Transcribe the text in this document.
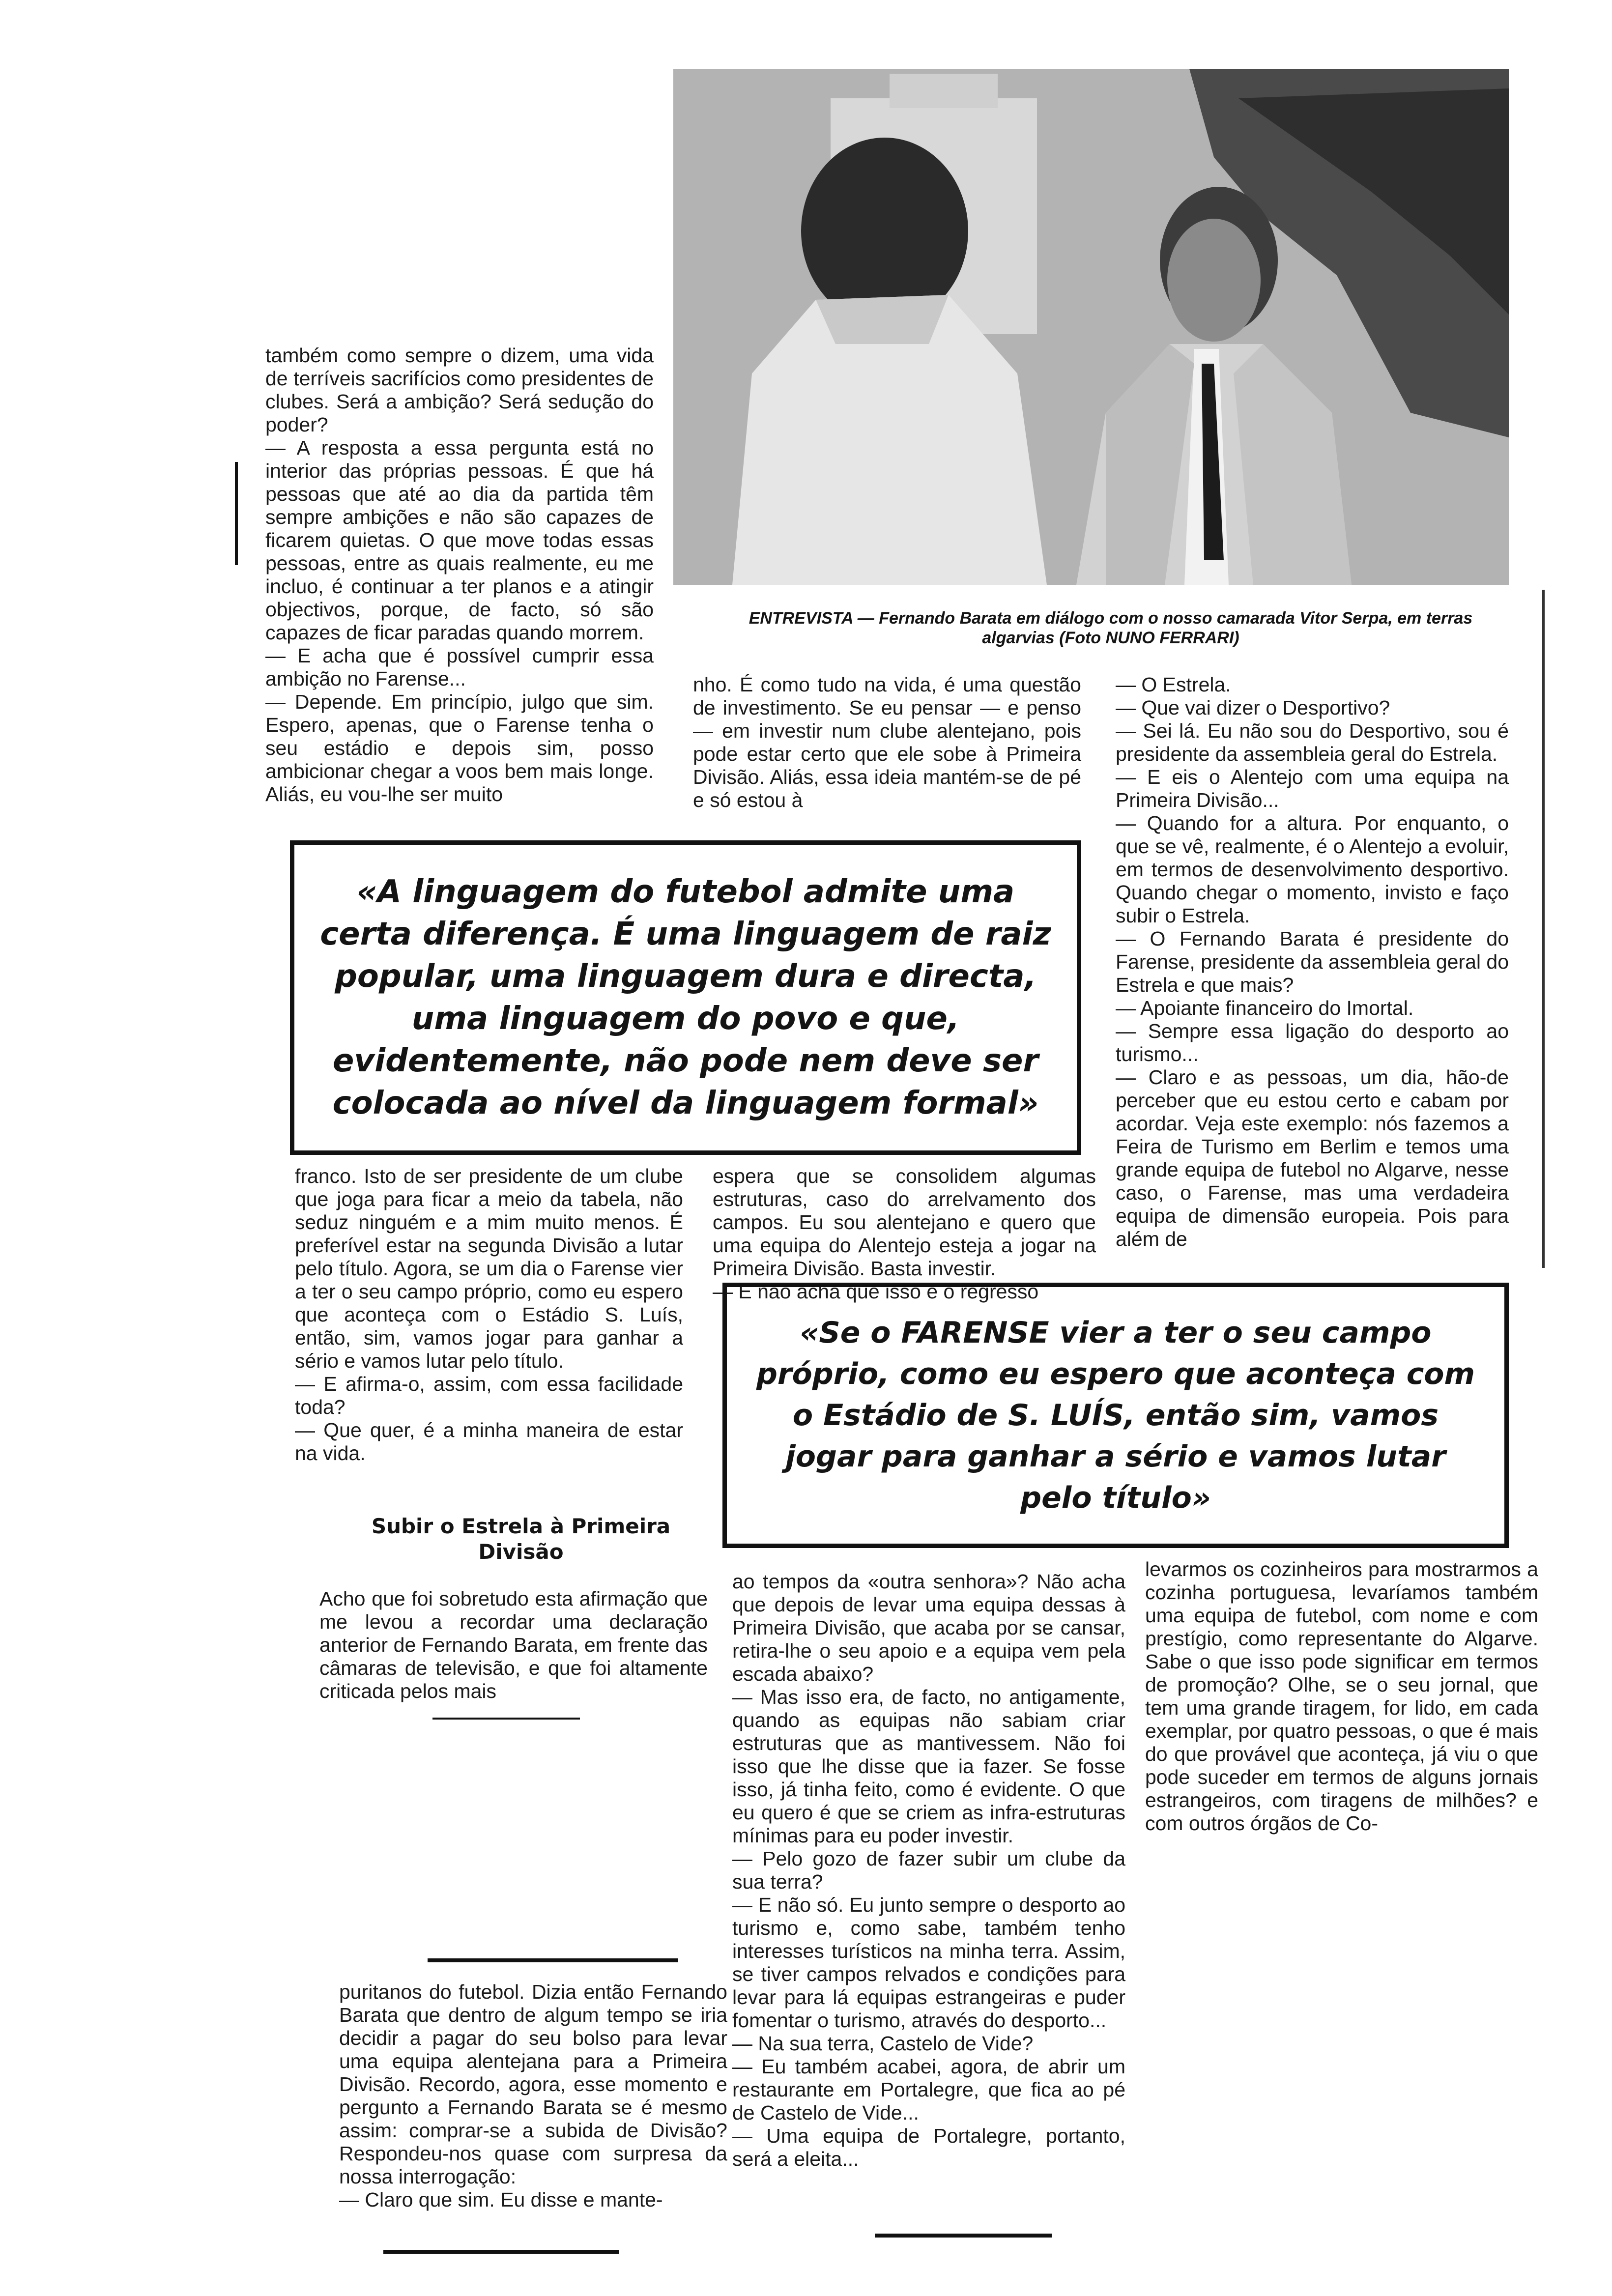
ENTREVISTA — Fernando Barata em diálogo com o nosso camarada Vitor Serpa, em terras algarvias (Foto NUNO FERRARI)

também como sempre o dizem, uma vida de terríveis sacrifícios como presidentes de clubes. Será a ambição? Será sedução do poder?

— A resposta a essa pergunta está no interior das próprias pessoas. É que há pessoas que até ao dia da partida têm sempre ambições e não são capazes de ficarem quietas. O que move todas essas pessoas, entre as quais realmente, eu me incluo, é continuar a ter planos e a atingir objectivos, porque, de facto, só são capazes de ficar paradas quando morrem.

— E acha que é possível cumprir essa ambição no Farense...

— Depende. Em princípio, julgo que sim. Espero, apenas, que o Farense tenha o seu estádio e depois sim, posso ambicionar chegar a voos bem mais longe. Aliás, eu vou-lhe ser muito

nho. É como tudo na vida, é uma questão de investimento. Se eu pensar — e penso — em investir num clube alentejano, pois pode estar certo que ele sobe à Primeira Divisão. Aliás, essa ideia mantém-se de pé e só estou à

— O Estrela.

— Que vai dizer o Desportivo?

— Sei lá. Eu não sou do Desportivo, sou é presidente da assembleia geral do Estrela.

— E eis o Alentejo com uma equipa na Primeira Divisão...

— Quando for a altura. Por enquanto, o que se vê, realmente, é o Alentejo a evoluir, em termos de desenvolvimento desportivo. Quando chegar o momento, invisto e faço subir o Estrela.

— O Fernando Barata é presidente do Farense, presidente da assembleia geral do Estrela e que mais?

— Apoiante financeiro do Imortal.

— Sempre essa ligação do desporto ao turismo...

— Claro e as pessoas, um dia, hão-de perceber que eu estou certo e cabam por acordar. Veja este exemplo: nós fazemos a Feira de Turismo em Berlim e temos uma grande equipa de futebol no Algarve, nesse caso, o Farense, mas uma verdadeira equipa de dimensão europeia. Pois para além de

«A linguagem do futebol admite uma certa diferença. É uma linguagem de raiz popular, uma linguagem dura e directa, uma linguagem do povo e que, evidentemente, não pode nem deve ser colocada ao nível da linguagem formal»

franco. Isto de ser presidente de um clube que joga para ficar a meio da tabela, não seduz ninguém e a mim muito menos. É preferível estar na segunda Divisão a lutar pelo título. Agora, se um dia o Farense vier a ter o seu campo próprio, como eu espero que aconteça com o Estádio S. Luís, então, sim, vamos jogar para ganhar a sério e vamos lutar pelo título.

— E afirma-o, assim, com essa facilidade toda?

— Que quer, é a minha maneira de estar na vida.

espera que se consolidem algumas estruturas, caso do arrelvamento dos campos. Eu sou alentejano e quero que uma equipa do Alentejo esteja a jogar na Primeira Divisão. Basta investir.

— E não acha que isso é o regresso

«Se o FARENSE vier a ter o seu campo próprio, como eu espero que aconteça com o Estádio de S. LUÍS, então sim, vamos jogar para ganhar a sério e vamos lutar pelo título»

Subir o Estrela à Primeira Divisão

Acho que foi sobretudo esta afirmação que me levou a recordar uma declaração anterior de Fernando Barata, em frente das câmaras de televisão, e que foi altamente criticada pelos mais

ao tempos da «outra senhora»? Não acha que depois de levar uma equipa dessas à Primeira Divisão, que acaba por se cansar, retira-lhe o seu apoio e a equipa vem pela escada abaixo?

— Mas isso era, de facto, no antigamente, quando as equipas não sabiam criar estruturas que as mantivessem. Não foi isso que lhe disse que ia fazer. Se fosse isso, já tinha feito, como é evidente. O que eu quero é que se criem as infra-estruturas mínimas para eu poder investir.

— Pelo gozo de fazer subir um clube da sua terra?

— E não só. Eu junto sempre o desporto ao turismo e, como sabe, também tenho interesses turísticos na minha terra. Assim, se tiver campos relvados e condições para levar para lá equipas estrangeiras e puder fomentar o turismo, através do desporto...

— Na sua terra, Castelo de Vide?

— Eu também acabei, agora, de abrir um restaurante em Portalegre, que fica ao pé de Castelo de Vide...

— Uma equipa de Portalegre, portanto, será a eleita...

levarmos os cozinheiros para mostrarmos a cozinha portuguesa, levaríamos também uma equipa de futebol, com nome e com prestígio, como representante do Algarve. Sabe o que isso pode significar em termos de promoção? Olhe, se o seu jornal, que tem uma grande tiragem, for lido, em cada exemplar, por quatro pessoas, o que é mais do que provável que aconteça, já viu o que pode suceder em termos de alguns jornais estrangeiros, com tiragens de milhões? e com outros órgãos de Co-

puritanos do futebol. Dizia então Fernando Barata que dentro de algum tempo se iria decidir a pagar do seu bolso para levar uma equipa alentejana para a Primeira Divisão. Recordo, agora, esse momento e pergunto a Fernando Barata se é mesmo assim: comprar-se a subida de Divisão? Respondeu-nos quase com surpresa da nossa interrogação:

— Claro que sim. Eu disse e mante-
